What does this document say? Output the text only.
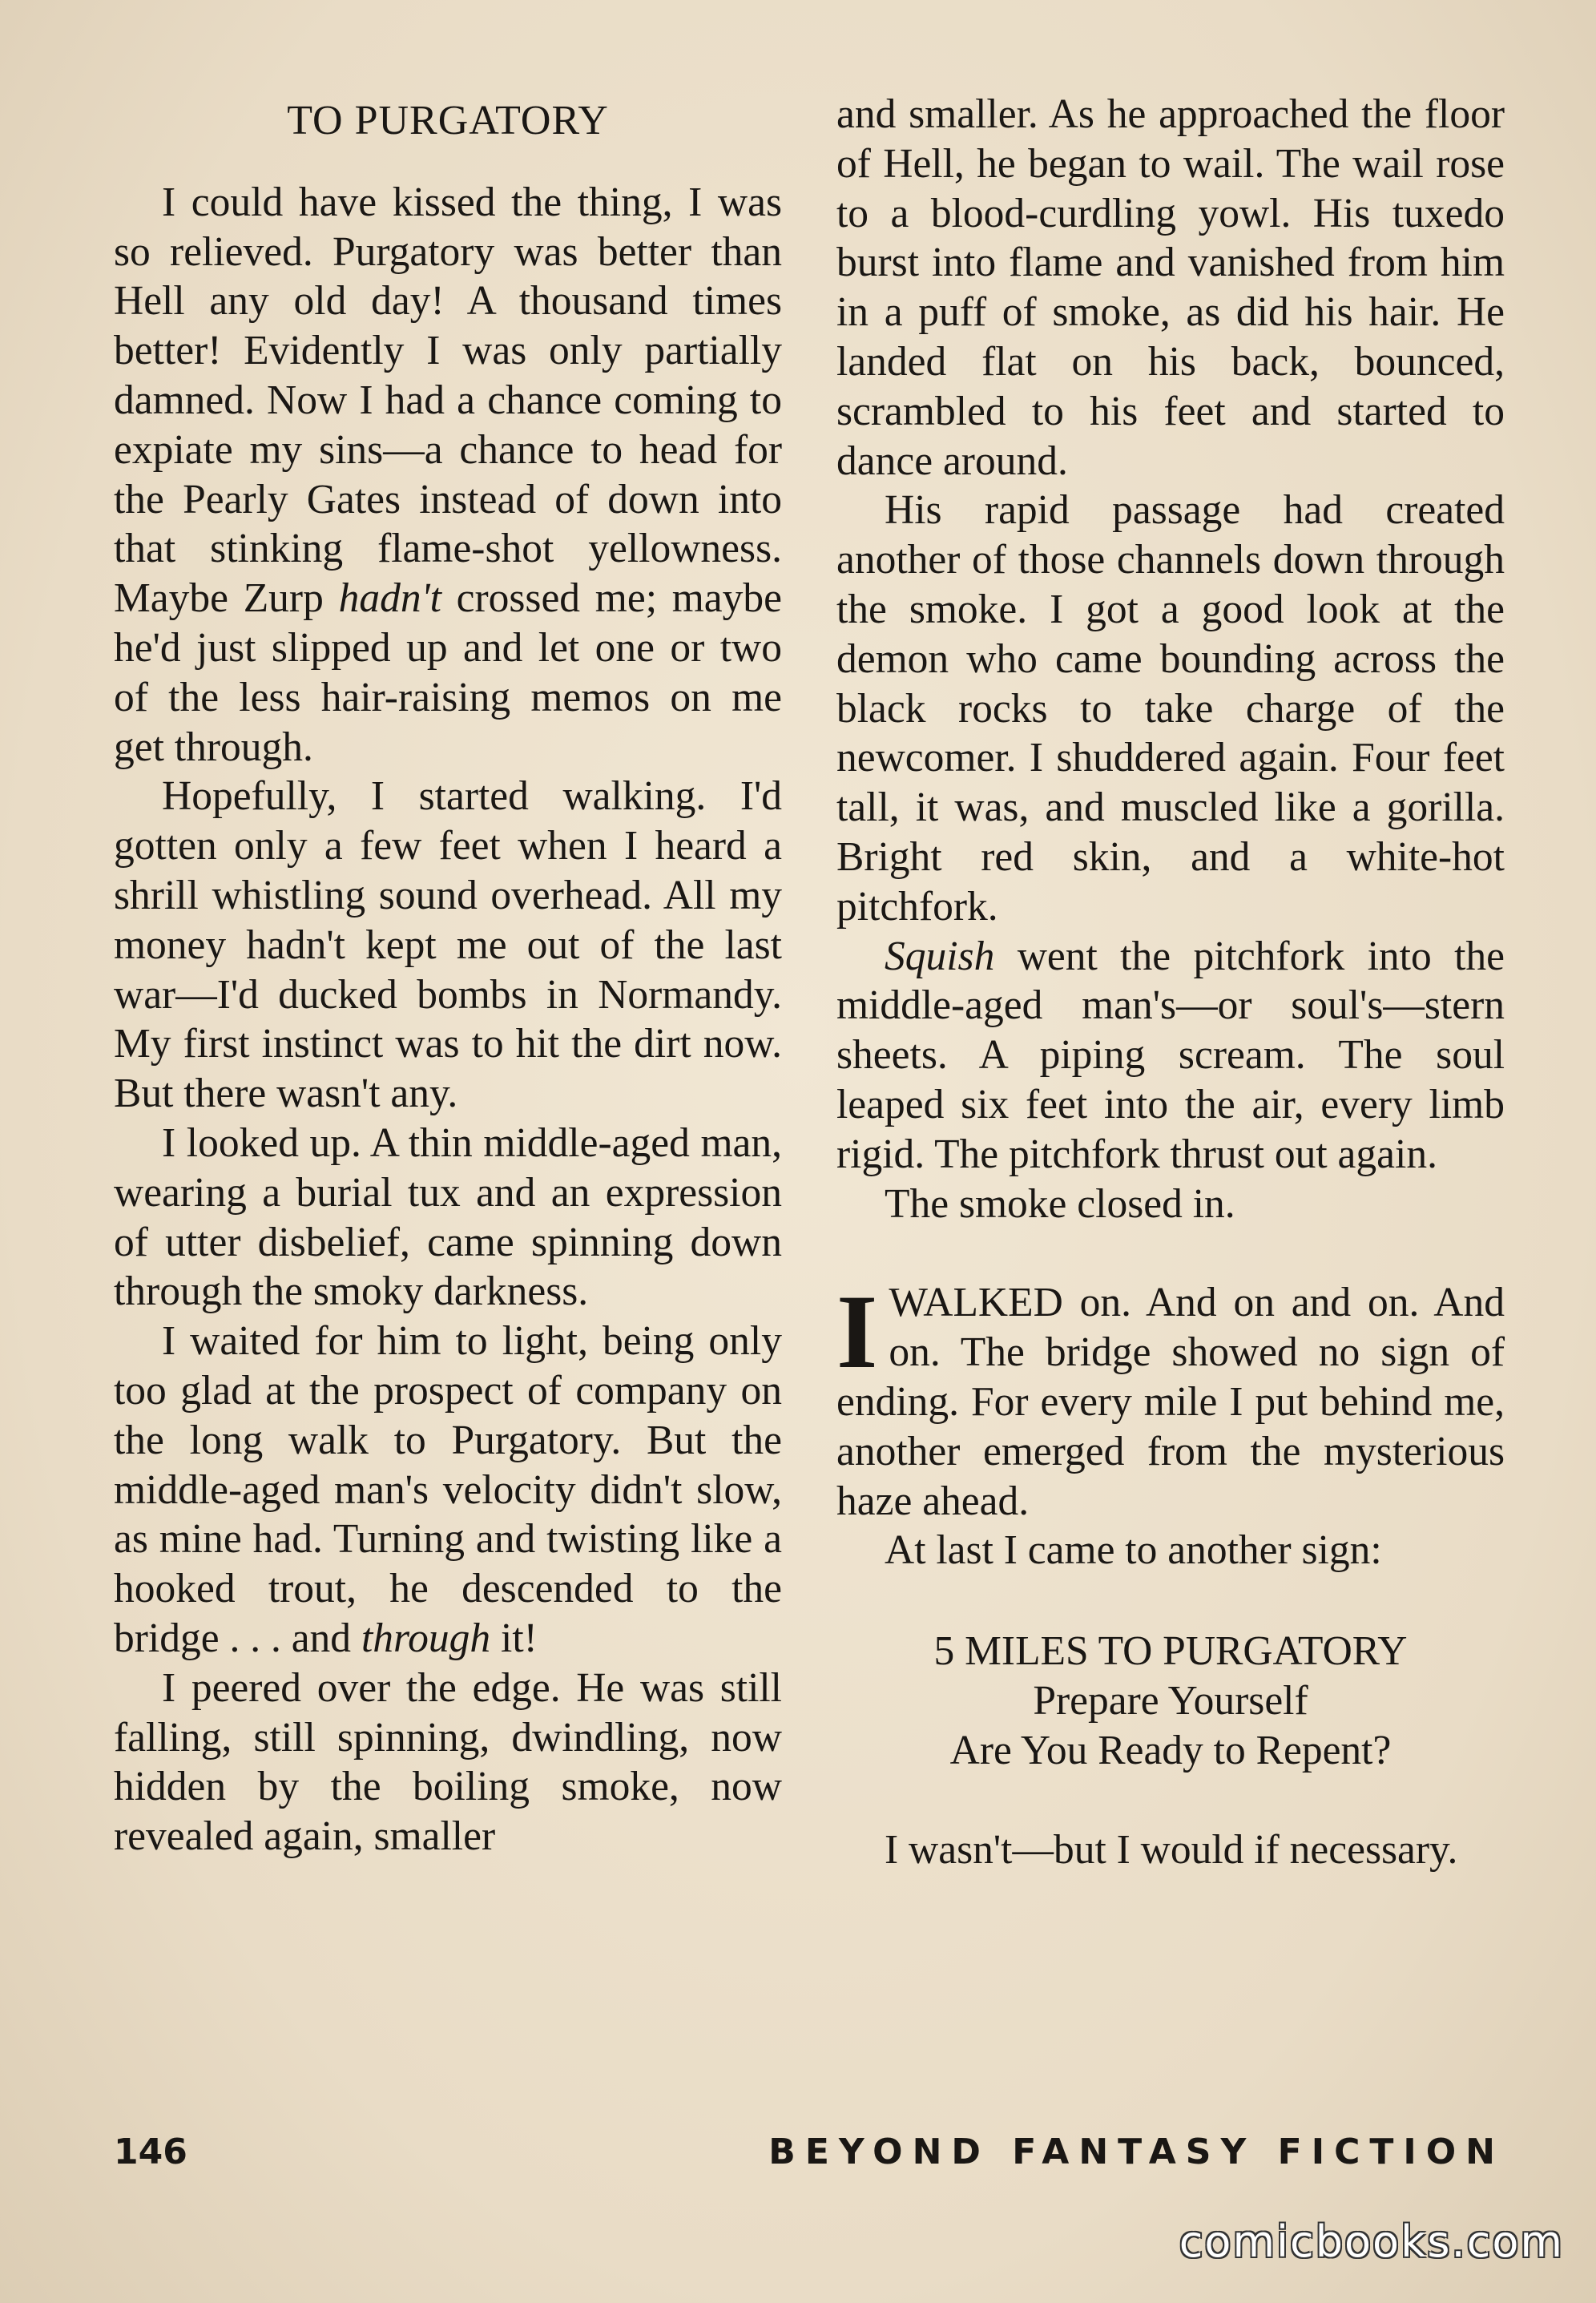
TO PURGATORY

I could have kissed the thing, I was so relieved. Purgatory was better than Hell any old day! A thousand times better! Evidently I was only partially damned. Now I had a chance coming to expiate my sins—a chance to head for the Pearly Gates instead of down into that stinking flame-shot yellowness. Maybe Zurp hadn't crossed me; maybe he'd just slipped up and let one or two of the less hair-raising memos on me get through.

Hopefully, I started walking. I'd gotten only a few feet when I heard a shrill whistling sound overhead. All my money hadn't kept me out of the last war—I'd ducked bombs in Normandy. My first instinct was to hit the dirt now. But there wasn't any.

I looked up. A thin middle-aged man, wearing a burial tux and an expression of utter disbelief, came spinning down through the smoky darkness.

I waited for him to light, being only too glad at the prospect of company on the long walk to Purgatory. But the middle-aged man's velocity didn't slow, as mine had. Turning and twisting like a hooked trout, he descended to the bridge . . . and through it!

I peered over the edge. He was still falling, still spinning, dwindling, now hidden by the boiling smoke, now revealed again, smaller

and smaller. As he approached the floor of Hell, he began to wail. The wail rose to a blood-curdling yowl. His tuxedo burst into flame and vanished from him in a puff of smoke, as did his hair. He landed flat on his back, bounced, scrambled to his feet and started to dance around.

His rapid passage had created another of those channels down through the smoke. I got a good look at the demon who came bounding across the black rocks to take charge of the newcomer. I shuddered again. Four feet tall, it was, and muscled like a gorilla. Bright red skin, and a white-hot pitchfork.

Squish went the pitchfork into the middle-aged man's—or soul's—stern sheets. A piping scream. The soul leaped six feet into the air, every limb rigid. The pitchfork thrust out again.

The smoke closed in.

IWALKED on. And on and on. And on. The bridge showed no sign of ending. For every mile I put behind me, another emerged from the mysterious haze ahead.

At last I came to another sign:

5 MILES TO PURGATORY
Prepare Yourself
Are You Ready to Repent?

I wasn't—but I would if necessary.

146	BEYOND FANTASY FICTION
comicbooks.com
